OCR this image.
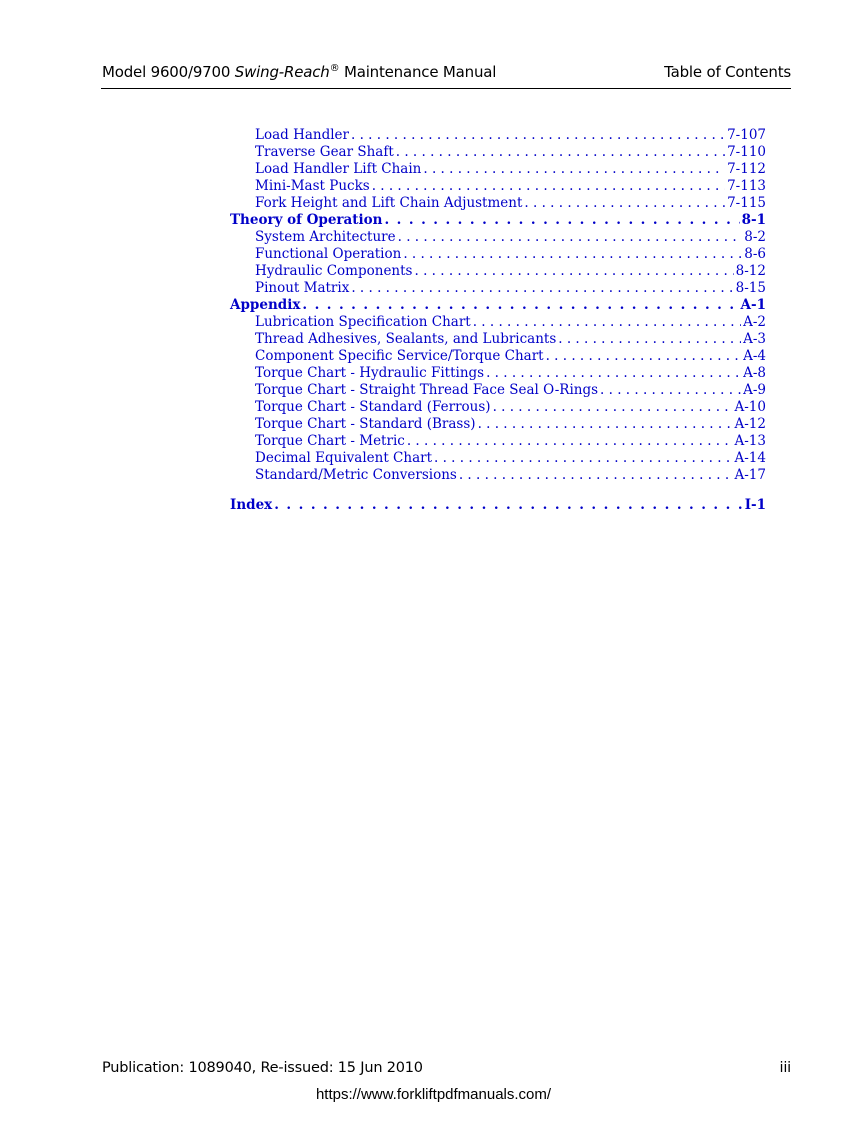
Model 9600/9700 Swing-Reach® Maintenance Manual	Table of Contents
Load Handler . . .	7-107
Traverse Gear Shaft . . .	7-110
Load Handler Lift Chain . . .	7-112
Mini-Mast Pucks . . .	7-113
Fork Height and Lift Chain Adjustment . . .	7-115
Theory of Operation . . .	8-1
System Architecture . . .	8-2
Functional Operation . . .	8-6
Hydraulic Components . . .	8-12
Pinout Matrix . . .	8-15
Appendix . . .	A-1
Lubrication Specification Chart . . .	A-2
Thread Adhesives, Sealants, and Lubricants . . .	A-3
Component Specific Service/Torque Chart . . .	A-4
Torque Chart - Hydraulic Fittings . . .	A-8
Torque Chart - Straight Thread Face Seal O-Rings . . .	A-9
Torque Chart - Standard (Ferrous) . . .	A-10
Torque Chart - Standard (Brass) . . .	A-12
Torque Chart - Metric . . .	A-13
Decimal Equivalent Chart . . .	A-14
Standard/Metric Conversions . . .	A-17
Index . . .	I-1
Publication: 1089040, Re-issued: 15 Jun 2010	iii
https://www.forkliftpdfmanuals.com/
